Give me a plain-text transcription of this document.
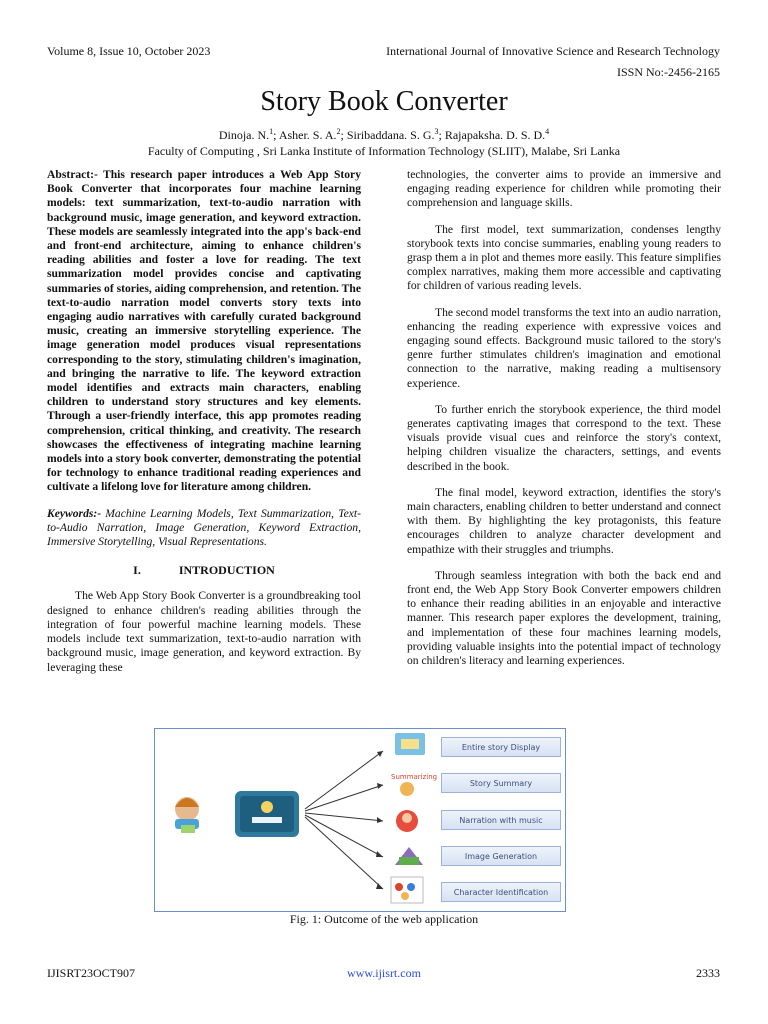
Volume 8, Issue 10, October 2023	International Journal of Innovative Science and Research Technology
ISSN No:-2456-2165
Story Book Converter
Dinoja. N.$^1$; Asher. S. A.$^2$; Siribaddana. S. G.$^3$; Rajapaksha. D. S. D.$^4$
Faculty of Computing , Sri Lanka Institute of Information Technology (SLIIT), Malabe, Sri Lanka

Abstract:- This research paper introduces a Web App Story Book Converter that incorporates four machine learning models: text summarization, text-to-audio narration with background music, image generation, and keyword extraction. These models are seamlessly integrated into the app's back-end and front-end architecture, aiming to enhance children's reading abilities and foster a love for reading. The text summarization model provides concise and captivating summaries of stories, aiding comprehension, and retention. The text-to-audio narration model converts story texts into engaging audio narratives with carefully curated background music, creating an immersive storytelling experience. The image generation model produces visual representations corresponding to the story, stimulating children's imagination, and bringing the narrative to life. The keyword extraction model identifies and extracts main characters, enabling children to understand story structures and key elements. Through a user-friendly interface, this app promotes reading comprehension, critical thinking, and creativity. The research showcases the effectiveness of integrating machine learning models into a story book converter, demonstrating the potential for technology to enhance traditional reading experiences and cultivate a lifelong love for literature among children.

Keywords:- Machine Learning Models, Text Summarization, Text-to-Audio Narration, Image Generation, Keyword Extraction, Immersive Storytelling, Visual Representations.

I.	INTRODUCTION

The Web App Story Book Converter is a groundbreaking tool designed to enhance children's reading abilities through the integration of four powerful machine learning models. These models include text summarization, text-to-audio narration with background music, image generation, and keyword extraction. By leveraging these

technologies, the converter aims to provide an immersive and engaging reading experience for children while promoting their comprehension and language skills.

The first model, text summarization, condenses lengthy storybook texts into concise summaries, enabling young readers to grasp them a in plot and themes more easily. This feature simplifies complex narratives, making them more accessible and captivating for children of various reading levels.

The second model transforms the text into an audio narration, enhancing the reading experience with expressive voices and engaging sound effects. Background music tailored to the story's genre further stimulates children's imagination and emotional connection to the narrative, making reading a multisensory experience.

To further enrich the storybook experience, the third model generates captivating images that correspond to the text. These visuals provide visual cues and reinforce the story's context, helping children visualize the characters, settings, and events described in the book.

The final model, keyword extraction, identifies the story's main characters, enabling children to better understand and connect with them. By highlighting the key protagonists, this feature encourages children to analyze character development and empathize with their struggles and triumphs.

Through seamless integration with both the back end and front end, the Web App Story Book Converter empowers children to enhance their reading abilities in an enjoyable and interactive manner. This research paper explores the development, training, and implementation of these four machines learning models, providing valuable insights into the potential impact of technology on children's literacy and learning experiences.

Summarizing
Entire story Display
Story Summary
Narration with music
Image Generation
Character Identification
Fig. 1: Outcome of the web application
IJISRT23OCT907	www.ijisrt.com	2333
